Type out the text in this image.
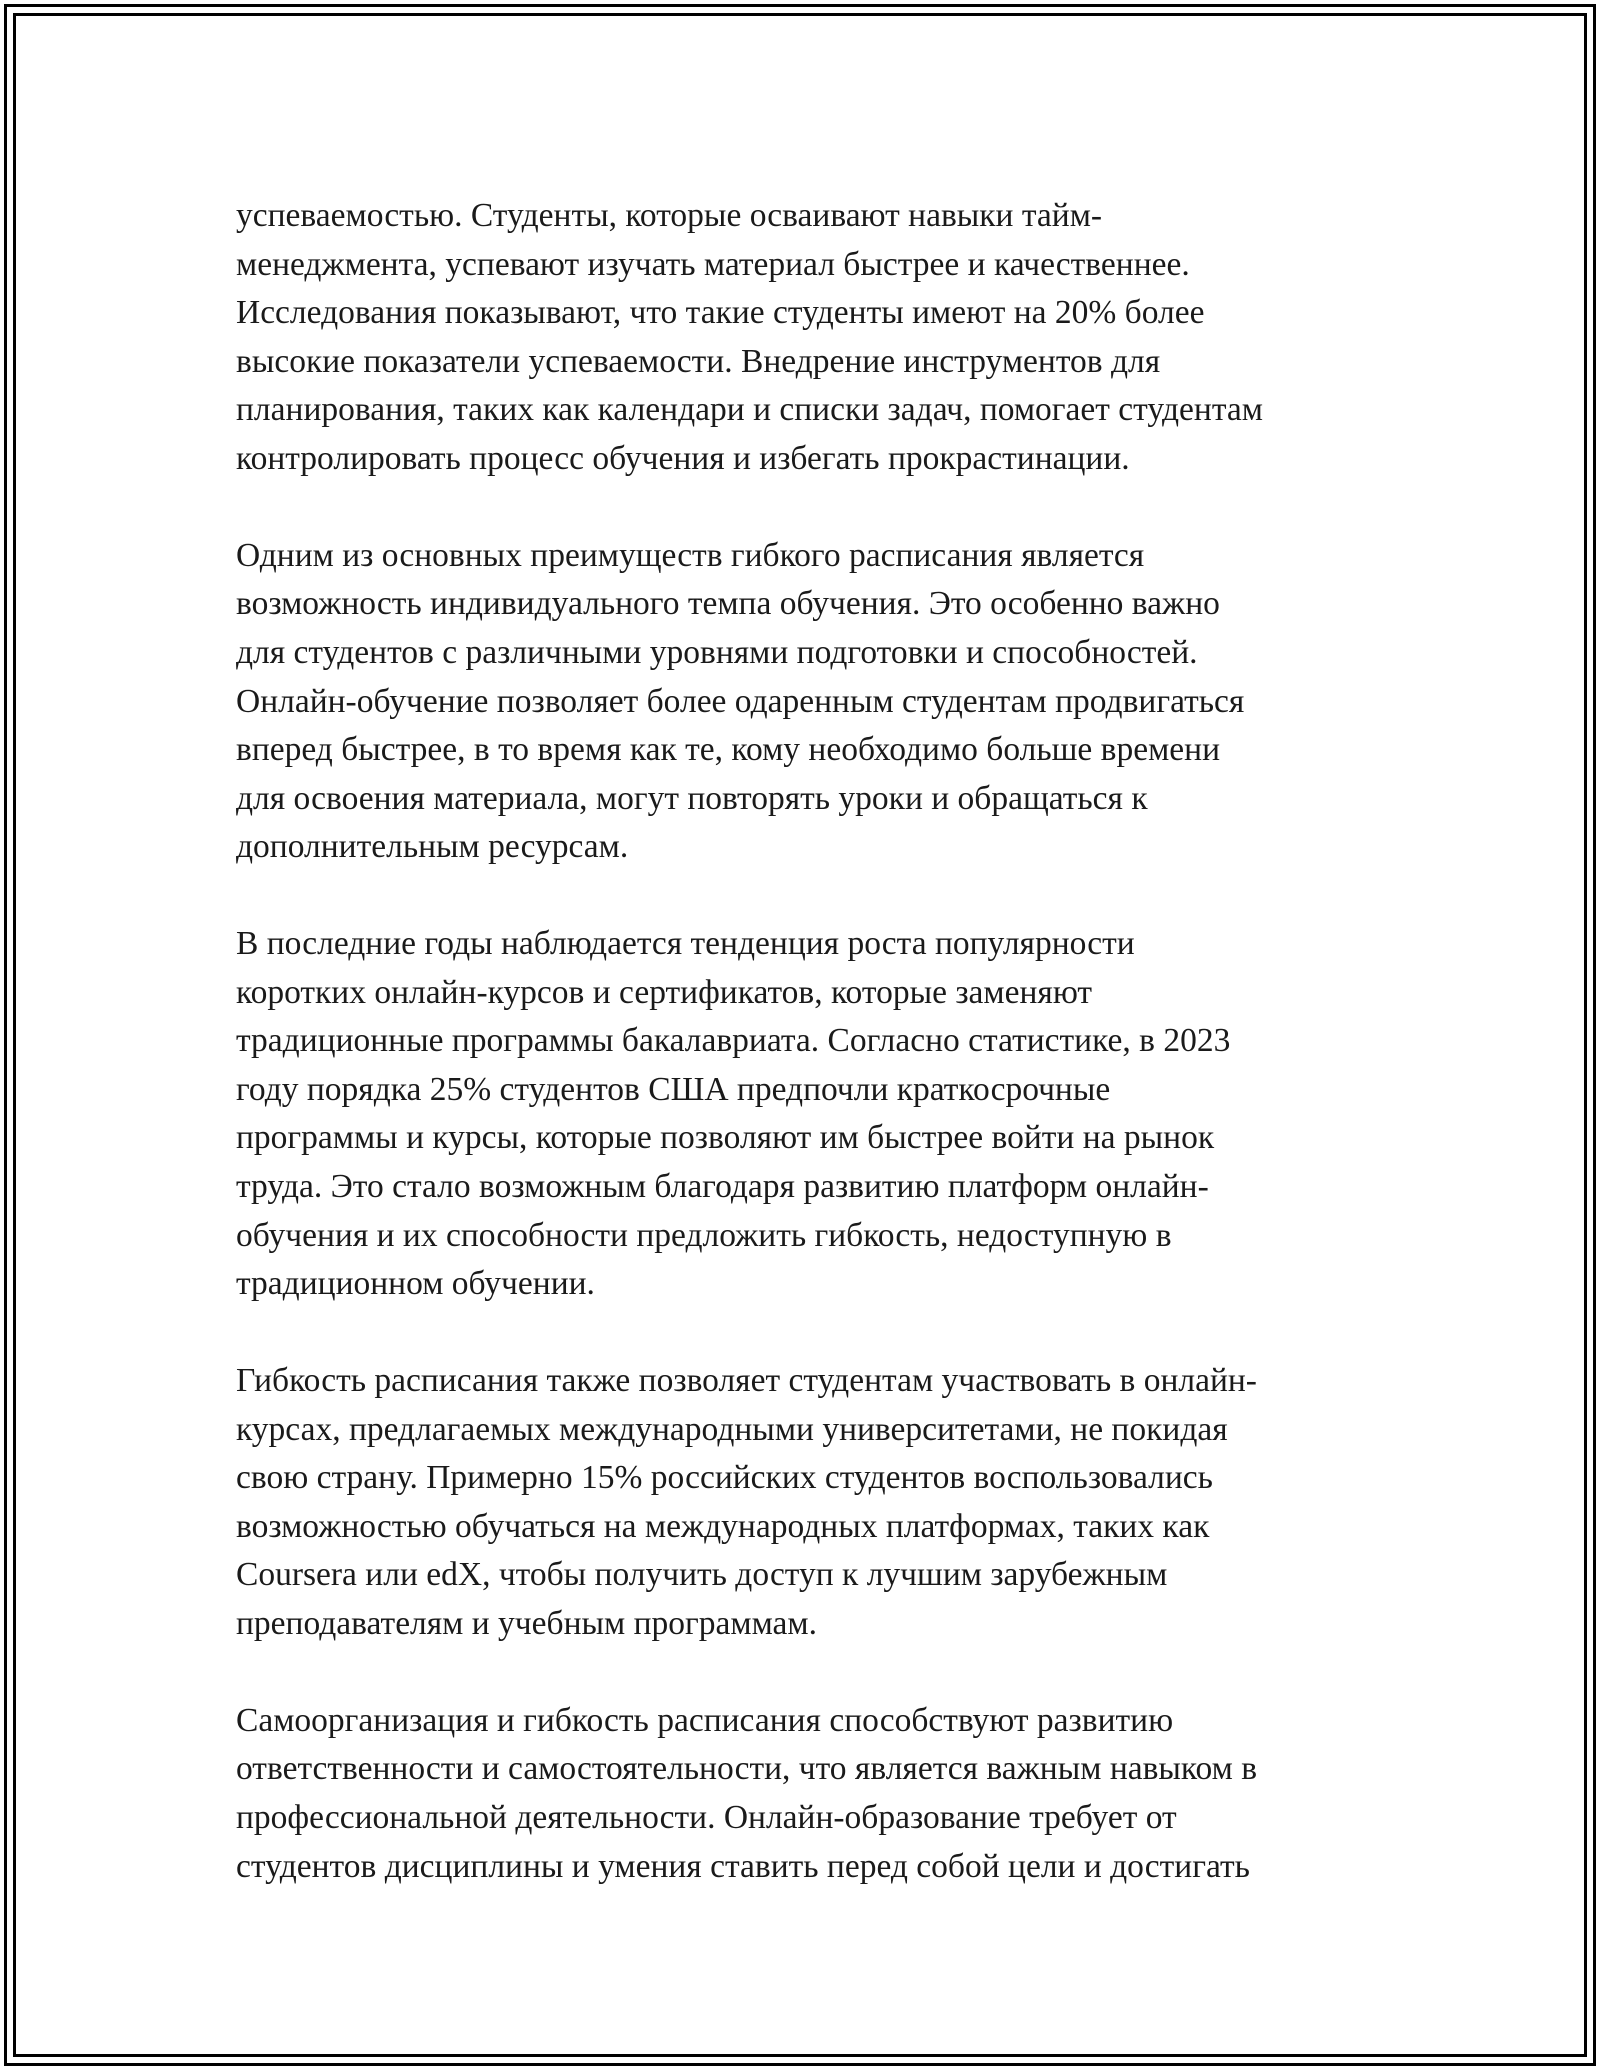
успеваемостью. Студенты, которые осваивают навыки тайм-
менеджмента, успевают изучать материал быстрее и качественнее.
Исследования показывают, что такие студенты имеют на 20% более
высокие показатели успеваемости. Внедрение инструментов для
планирования, таких как календари и списки задач, помогает студентам
контролировать процесс обучения и избегать прокрастинации.

Одним из основных преимуществ гибкого расписания является
возможность индивидуального темпа обучения. Это особенно важно
для студентов с различными уровнями подготовки и способностей.
Онлайн-обучение позволяет более одаренным студентам продвигаться
вперед быстрее, в то время как те, кому необходимо больше времени
для освоения материала, могут повторять уроки и обращаться к
дополнительным ресурсам.

В последние годы наблюдается тенденция роста популярности
коротких онлайн-курсов и сертификатов, которые заменяют
традиционные программы бакалавриата. Согласно статистике, в 2023
году порядка 25% студентов США предпочли краткосрочные
программы и курсы, которые позволяют им быстрее войти на рынок
труда. Это стало возможным благодаря развитию платформ онлайн-
обучения и их способности предложить гибкость, недоступную в
традиционном обучении.

Гибкость расписания также позволяет студентам участвовать в онлайн-
курсах, предлагаемых международными университетами, не покидая
свою страну. Примерно 15% российских студентов воспользовались
возможностью обучаться на международных платформах, таких как
Coursera или edX, чтобы получить доступ к лучшим зарубежным
преподавателям и учебным программам.

Самоорганизация и гибкость расписания способствуют развитию
ответственности и самостоятельности, что является важным навыком в
профессиональной деятельности. Онлайн-образование требует от
студентов дисциплины и умения ставить перед собой цели и достигать
